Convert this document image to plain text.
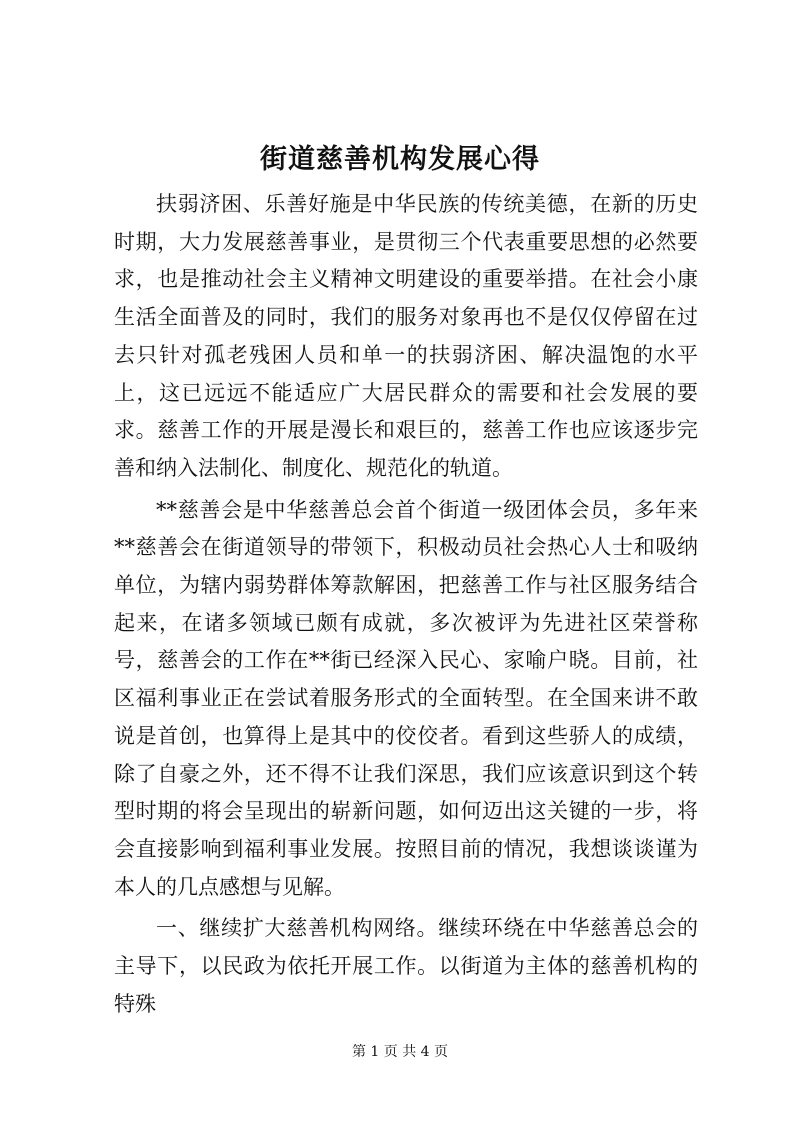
街道慈善机构发展心得

扶弱济困、乐善好施是中华民族的传统美德，在新的历史时期，大力发展慈善事业，是贯彻三个代表重要思想的必然要求，也是推动社会主义精神文明建设的重要举措。在社会小康生活全面普及的同时，我们的服务对象再也不是仅仅停留在过去只针对孤老残困人员和单一的扶弱济困、解决温饱的水平上，这已远远不能适应广大居民群众的需要和社会发展的要求。慈善工作的开展是漫长和艰巨的，慈善工作也应该逐步完善和纳入法制化、制度化、规范化的轨道。

**慈善会是中华慈善总会首个街道一级团体会员，多年来**慈善会在街道领导的带领下，积极动员社会热心人士和吸纳单位，为辖内弱势群体筹款解困，把慈善工作与社区服务结合起来，在诸多领域已颇有成就，多次被评为先进社区荣誉称号，慈善会的工作在**街已经深入民心、家喻户晓。目前，社区福利事业正在尝试着服务形式的全面转型。在全国来讲不敢说是首创，也算得上是其中的佼佼者。看到这些骄人的成绩，除了自豪之外，还不得不让我们深思，我们应该意识到这个转型时期的将会呈现出的崭新问题，如何迈出这关键的一步，将会直接影响到福利事业发展。按照目前的情况，我想谈谈谨为本人的几点感想与见解。

一、继续扩大慈善机构网络。继续环绕在中华慈善总会的主导下，以民政为依托开展工作。以街道为主体的慈善机构的特殊

第 1 页 共 4 页
